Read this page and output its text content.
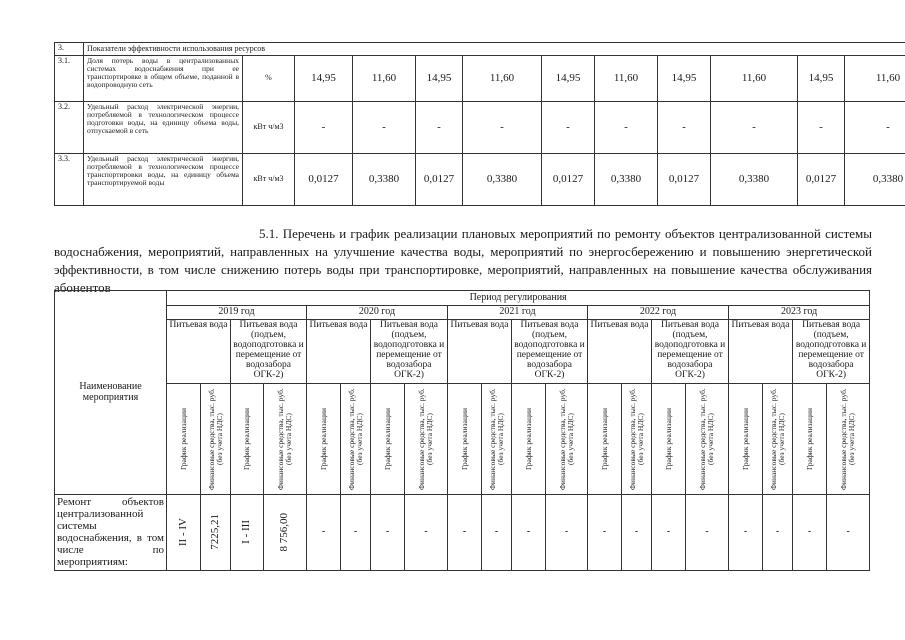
3.	Показатели эффективности использования ресурсов											
3.1.	Доля потерь воды в централизованных системах водоснабжения при ее транспортировке в общем объеме, поданной в водопроводную сеть	%	14,95	11,60	14,95	11,60	14,95	11,60	14,95	11,60	14,95	11,60
3.2.	Удельный расход электрической энергии, потребляемой в технологическом процессе подготовки воды, на единицу объема воды, отпускаемой в сеть	кВт ч/м3	-	-	-	-	-	-	-	-	-	-
3.3.	Удельный расход электрической энергии, потребляемой в технологическом процессе транспортировки воды, на единицу объема транспортируемой воды	кВт ч/м3	0,0127	0,3380	0,0127	0,3380	0,0127	0,3380	0,0127	0,3380	0,0127	0,3380

5.1. Перечень и график реализации плановых мероприятий по ремонту объектов централизованной системы водоснабжения, мероприятий, направленных на улучшение качества воды, мероприятий по энергосбережению и повышению энергетической эффективности, в том числе снижению потерь воды при транспортировке, мероприятий, направленных на повышение качества обслуживания абонентов

Наименование мероприятия	Период регулирования																			
	2019 год				2020 год				2021 год				2022 год				2023 год			
	Питьевая вода		Питьевая вода (подъем, водоподготовка и перемещение от водозабора ОГК-2)		Питьевая вода		Питьевая вода (подъем, водоподготовка и перемещение от водозабора ОГК-2)		Питьевая вода		Питьевая вода (подъем, водоподготовка и перемещение от водозабора ОГК-2)		Питьевая вода		Питьевая вода (подъем, водоподготовка и перемещение от водозабора ОГК-2)		Питьевая вода		Питьевая вода (подъем, водоподготовка и перемещение от водозабора ОГК-2)	

	График реализации	Финансовые средства, тыс. руб. (без учета НДС)	График реализации	Финансовые средства, тыс. руб. (без учета НДС)	График реализации	Финансовые средства, тыс. руб. (без учета НДС)	График реализации	Финансовые средства, тыс. руб. (без учета НДС)	График реализации	Финансовые средства, тыс. руб. (без учета НДС)	График реализации	Финансовые средства, тыс. руб. (без учета НДС)	График реализации	Финансовые средства, тыс. руб. (без учета НДС)	График реализации	Финансовые средства, тыс. руб. (без учета НДС)	График реализации	Финансовые средства, тыс. руб. (без учета НДС)	График реализации	Финансовые средства, тыс. руб. (без учета НДС)

Ремонт объектов централизованной системы водоснабжения, в том числе по мероприятиям:	II - IV	7225,21	I - III	8 756,00	-	-	-	-	-	-	-	-	-	-	-	-	-	-	-	-
